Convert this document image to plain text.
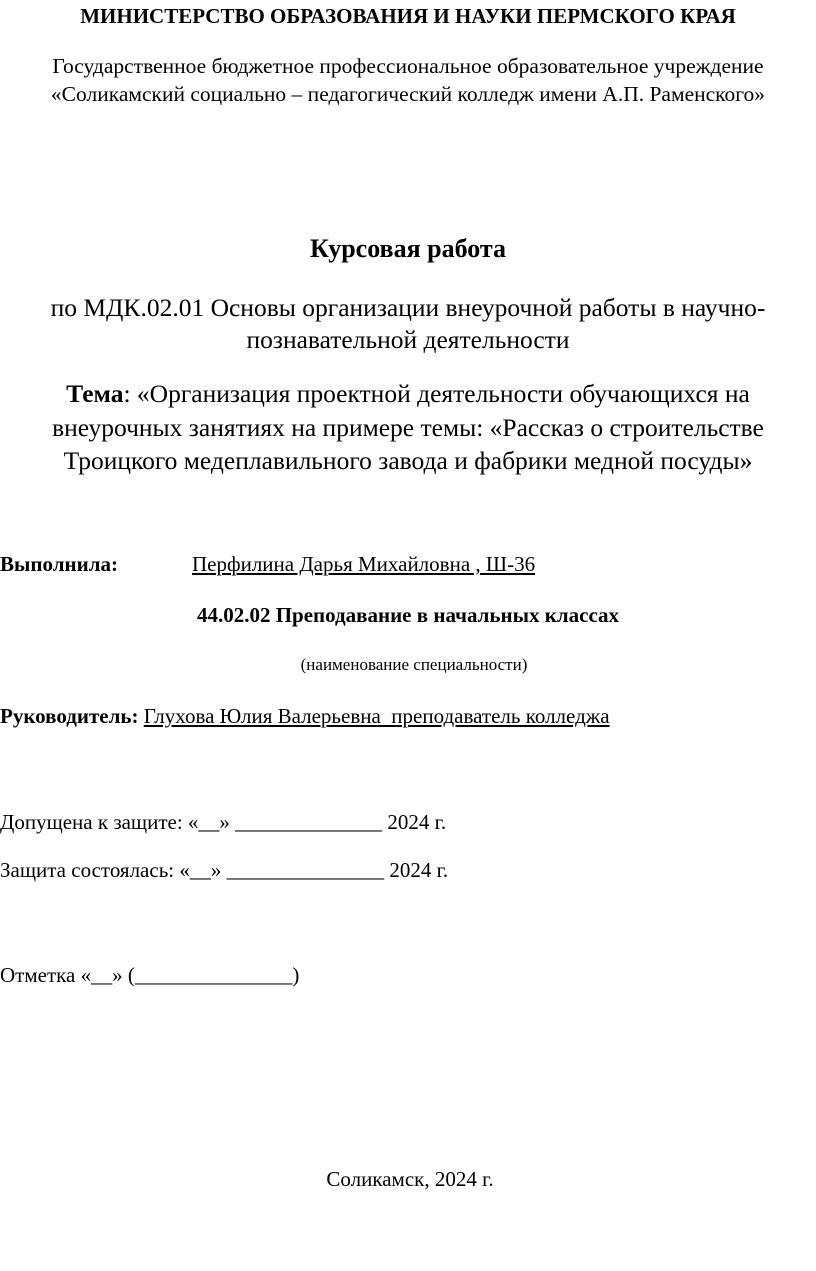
МИНИСТЕРСТВО ОБРАЗОВАНИЯ И НАУКИ ПЕРМСКОГО КРАЯ
Государственное бюджетное профессиональное образовательное учреждение
«Соликамский социально – педагогический колледж имени А.П. Раменского»
Курсовая работа
по МДК.02.01 Основы организации внеурочной работы в научно-
познавательной деятельности
Тема: «Организация проектной деятельности обучающихся на
внеурочных занятиях на примере темы: «Рассказ о строительстве
Троицкого медеплавильного завода и фабрики медной посуды»
Выполнила:	Перфилина Дарья Михайловна , Ш-36
44.02.02 Преподавание в начальных классах
(наименование специальности)
Руководитель: Глухова Юлия Валерьевна  преподаватель колледжа
Допущена к защите: «__» ______________ 2024 г.
Защита состоялась: «__» _______________ 2024 г.
Отметка «__» (_______________)
Соликамск, 2024 г.
